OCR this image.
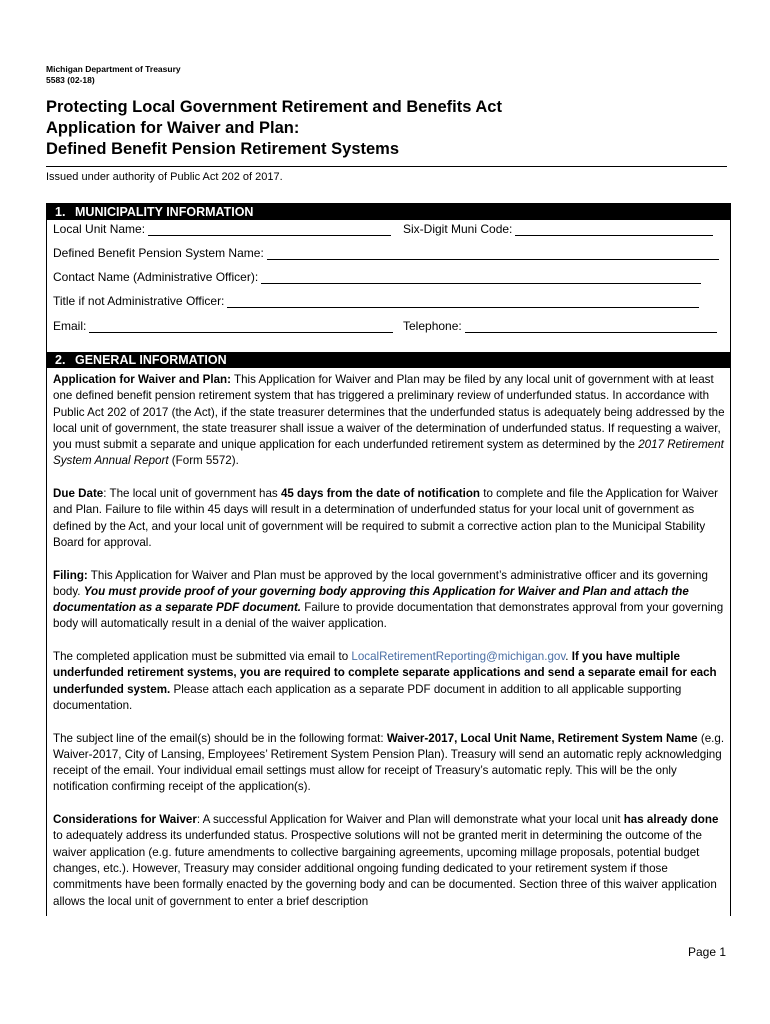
Michigan Department of Treasury
5583 (02-18)
Protecting Local Government Retirement and Benefits Act
Application for Waiver and Plan:
Defined Benefit Pension Retirement Systems
Issued under authority of Public Act 202 of 2017.
1. MUNICIPALITY INFORMATION
Local Unit Name:	Six-Digit Muni Code:
Defined Benefit Pension System Name:
Contact Name (Administrative Officer):
Title if not Administrative Officer:
Email:	Telephone:
2. GENERAL INFORMATION

Application for Waiver and Plan: This Application for Waiver and Plan may be filed by any local unit of government with at least one defined benefit pension retirement system that has triggered a preliminary review of underfunded status. In accordance with Public Act 202 of 2017 (the Act), if the state treasurer determines that the underfunded status is adequately being addressed by the local unit of government, the state treasurer shall issue a waiver of the determination of underfunded status. If requesting a waiver, you must submit a separate and unique application for each underfunded retirement system as determined by the 2017 Retirement System Annual Report (Form 5572).

Due Date: The local unit of government has 45 days from the date of notification to complete and file the Application for Waiver and Plan. Failure to file within 45 days will result in a determination of underfunded status for your local unit of government as defined by the Act, and your local unit of government will be required to submit a corrective action plan to the Municipal Stability Board for approval.

Filing: This Application for Waiver and Plan must be approved by the local government’s administrative officer and its governing body. You must provide proof of your governing body approving this Application for Waiver and Plan and attach the documentation as a separate PDF document. Failure to provide documentation that demonstrates approval from your governing body will automatically result in a denial of the waiver application.

The completed application must be submitted via email to LocalRetirementReporting@michigan.gov. If you have multiple underfunded retirement systems, you are required to complete separate applications and send a separate email for each underfunded system. Please attach each application as a separate PDF document in addition to all applicable supporting documentation.

The subject line of the email(s) should be in the following format: Waiver-2017, Local Unit Name, Retirement System Name (e.g. Waiver-2017, City of Lansing, Employees’ Retirement System Pension Plan). Treasury will send an automatic reply acknowledging receipt of the email. Your individual email settings must allow for receipt of Treasury’s automatic reply. This will be the only notification confirming receipt of the application(s).

Considerations for Waiver: A successful Application for Waiver and Plan will demonstrate what your local unit has already done to adequately address its underfunded status. Prospective solutions will not be granted merit in determining the outcome of the waiver application (e.g. future amendments to collective bargaining agreements, upcoming millage proposals, potential budget changes, etc.). However, Treasury may consider additional ongoing funding dedicated to your retirement system if those commitments have been formally enacted by the governing body and can be documented. Section three of this waiver application allows the local unit of government to enter a brief description

Page 1
